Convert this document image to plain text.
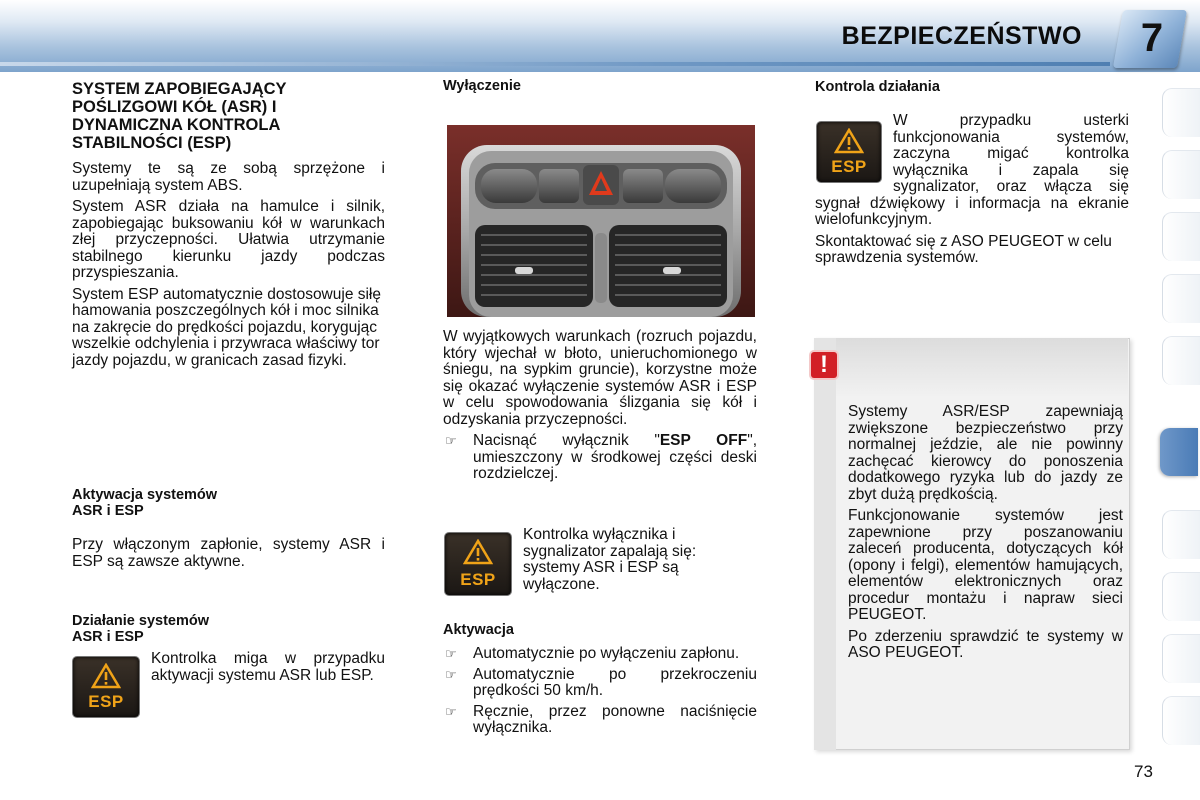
BEZPIECZEŃSTWO 7
SYSTEM ZAPOBIEGAJĄCY POŚLIZGOWI KÓŁ (ASR) I DYNAMICZNA KONTROLA STABILNOŚCI (ESP)

Systemy te są ze sobą sprzężone i uzupełniają system ABS.

System ASR działa na hamulce i silnik, zapobiegając buksowaniu kół w warunkach złej przyczepności. Ułatwia utrzymanie stabilnego kierunku jazdy podczas przyspieszania.

System ESP automatycznie dostosowuje siłę hamowania poszczególnych kół i moc silnika na zakręcie do prędkości pojazdu, korygując wszelkie odchylenia i przywraca właściwy tor jazdy pojazdu, w granicach zasad fizyki.

Aktywacja systemów
ASR i ESP

Przy włączonym zapłonie, systemy ASR i ESP są zawsze aktywne.

Działanie systemów
ASR i ESP
ESP

Kontrolka miga w przypadku aktywacji systemu ASR lub ESP.

Wyłączenie

W wyjątkowych warunkach (rozruch pojazdu, który wjechał w błoto, unieruchomionego w śniegu, na sypkim gruncie), korzystne może się okazać wyłączenie systemów ASR i ESP w celu spowodowania ślizgania się kół i odzyskania przyczepności.

☞ Nacisnąć wyłącznik "ESP OFF", umieszczony w środkowej części deski rozdzielczej.
ESP

Kontrolka wyłącznika i sygnalizator zapalają się: systemy ASR i ESP są wyłączone.

Aktywacja
☞ Automatycznie po wyłączeniu zapłonu.
☞ Automatycznie po przekroczeniu prędkości 50 km/h.
☞ Ręcznie, przez ponowne naciśnięcie wyłącznika.
Kontrola działania
ESP

W przypadku usterki funkcjonowania systemów, zaczyna migać kontrolka wyłącznika i zapala się sygnalizator, oraz włącza się sygnał dźwiękowy i informacja na ekranie wielofunkcyjnym.

Skontaktować się z ASO PEUGEOT w celu sprawdzenia systemów.

!

Systemy ASR/ESP zapewniają zwiększone bezpieczeństwo przy normalnej jeździe, ale nie powinny zachęcać kierowcy do ponoszenia dodatkowego ryzyka lub do jazdy ze zbyt dużą prędkością.

Funkcjonowanie systemów jest zapewnione przy poszanowaniu zaleceń producenta, dotyczących kół (opony i felgi), elementów hamujących, elementów elektronicznych oraz procedur montażu i napraw sieci PEUGEOT.

Po zderzeniu sprawdzić te systemy w ASO PEUGEOT.

73
